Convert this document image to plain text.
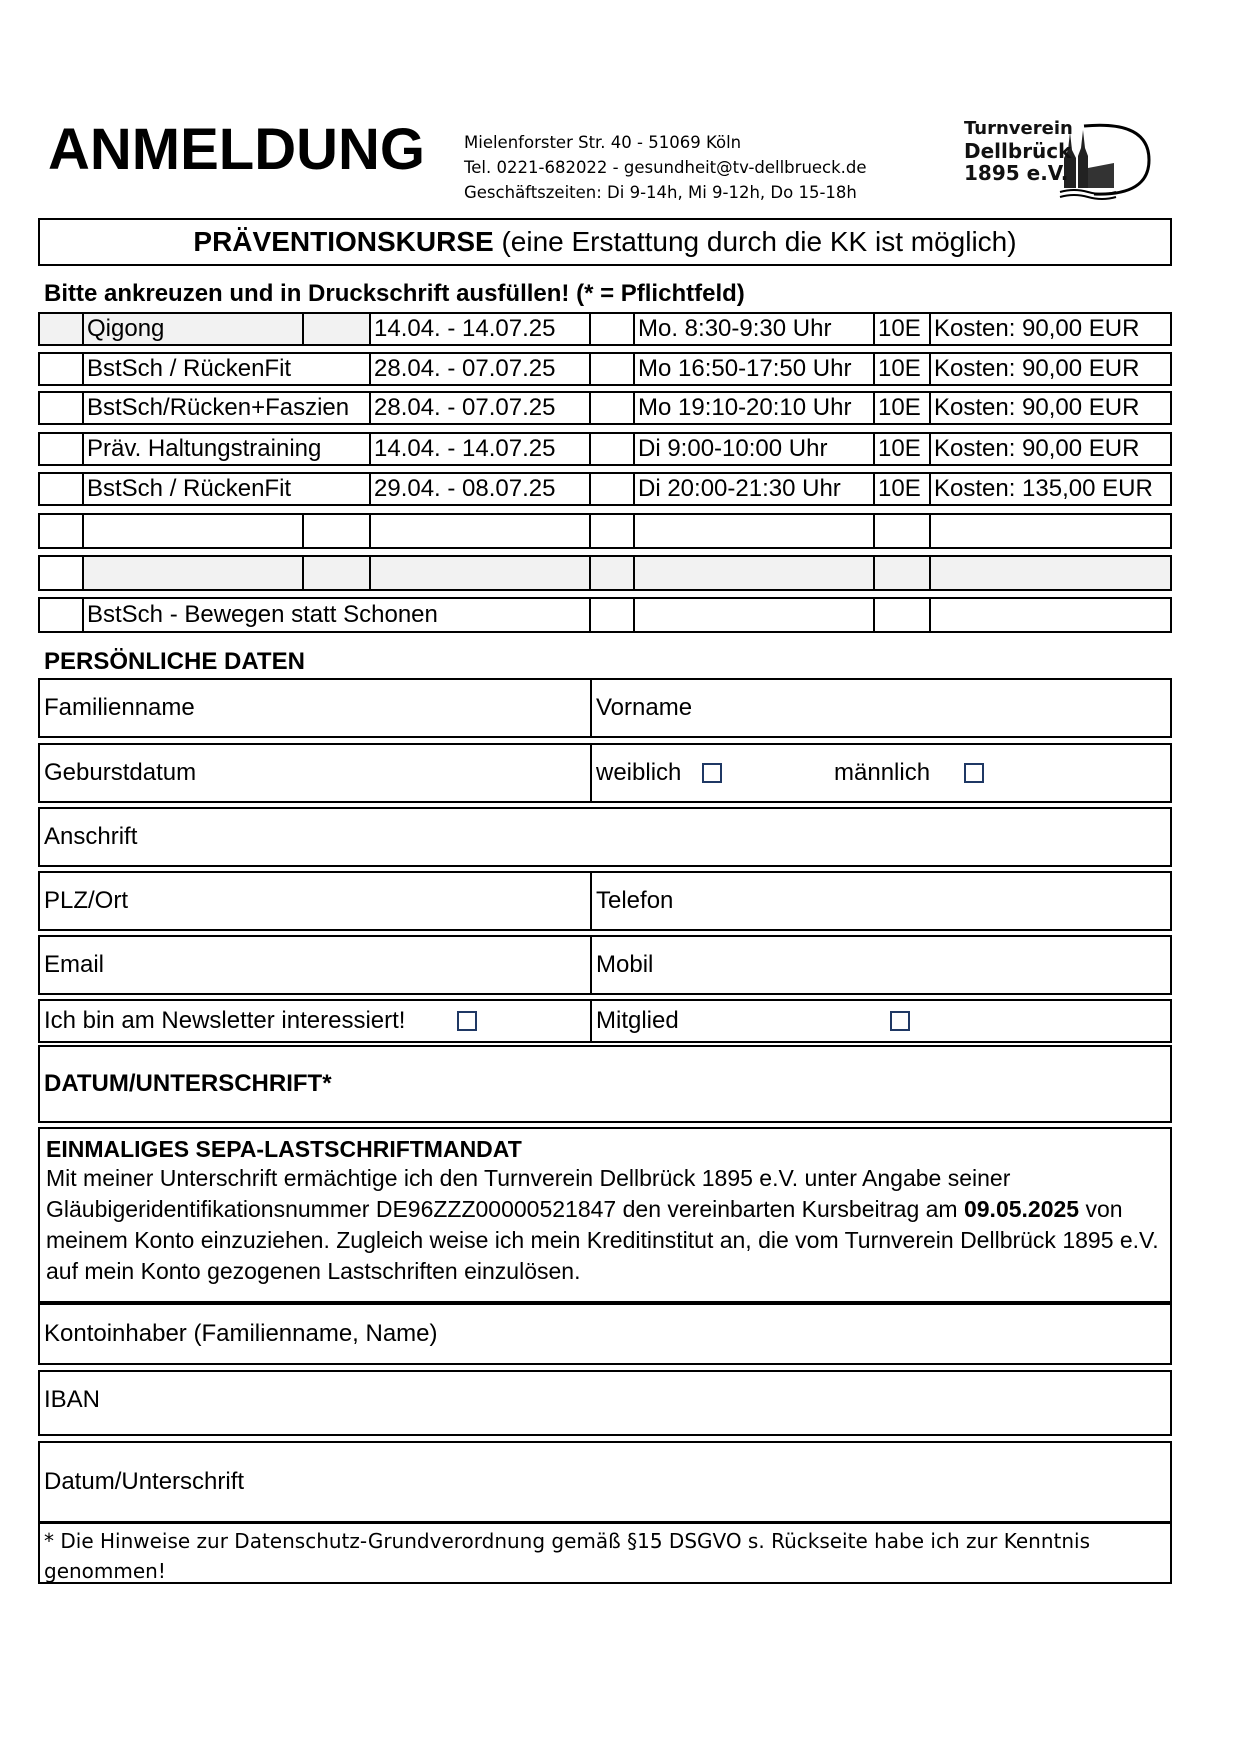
ANMELDUNG Mielenforster Str. 40 - 51069 Köln
Tel. 0221-682022 - gesundheit@tv-dellbrueck.de
Geschäftszeiten: Di 9-14h, Mi 9-12h, Do 15-18h
Turnverein
Dellbrück
1895 e.V.
PRÄVENTIONSKURSE (eine Erstattung durch die KK ist möglich)
Bitte ankreuzen und in Druckschrift ausfüllen! (* = Pflichtfeld)
Qigong	14.04. - 14.07.25	Mo. 8:30-9:30 Uhr	10E Kosten: 90,00 EUR
BstSch / RückenFit	28.04. - 07.07.25	Mo 16:50-17:50 Uhr	10E Kosten: 90,00 EUR
BstSch/Rücken+Faszien	28.04. - 07.07.25	Mo 19:10-20:10 Uhr	10E Kosten: 90,00 EUR
Präv. Haltungstraining	14.04. - 14.07.25	Di 9:00-10:00 Uhr	10E Kosten: 90,00 EUR
BstSch / RückenFit	29.04. - 08.07.25	Di 20:00-21:30 Uhr	10E Kosten: 135,00 EUR
BstSch - Bewegen statt Schonen
PERSÖNLICHE DATEN
Familienname	Vorname
Geburstdatum	weiblich	männlich
Anschrift
PLZ/Ort	Telefon
Email	Mobil
Ich bin am Newsletter interessiert!	Mitglied
DATUM/UNTERSCHRIFT*
EINMALIGES SEPA-LASTSCHRIFTMANDAT
Mit meiner Unterschrift ermächtige ich den Turnverein Dellbrück 1895 e.V. unter Angabe seiner Gläubigeridentifikationsnummer DE96ZZZ00000521847 den vereinbarten Kursbeitrag am 09.05.2025 von meinem Konto einzuziehen. Zugleich weise ich mein Kreditinstitut an, die vom Turnverein Dellbrück 1895 e.V. auf mein Konto gezogenen Lastschriften einzulösen.
Kontoinhaber (Familienname, Name)
IBAN
Datum/Unterschrift
* Die Hinweise zur Datenschutz-Grundverordnung gemäß §15 DSGVO s. Rückseite habe ich zur Kenntnis genommen!
